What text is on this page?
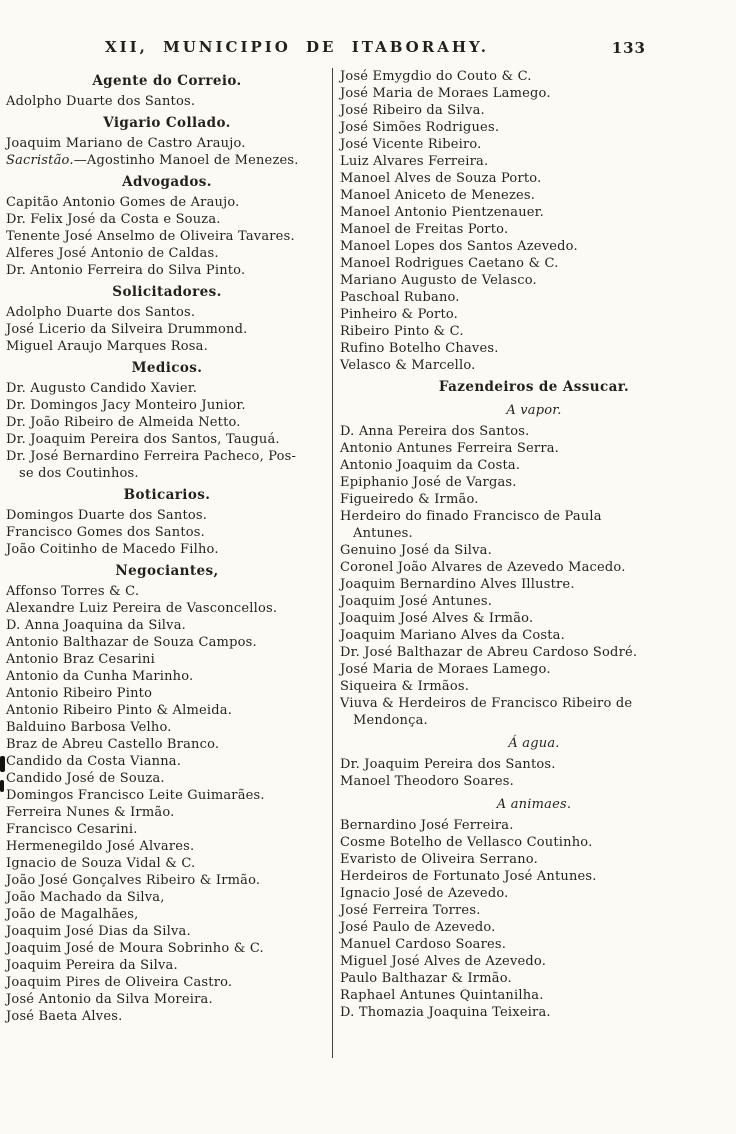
XII, MUNICIPIO DE ITABORAHY.	133
Agente do Correio.
Adolpho Duarte dos Santos.
Vigario Collado.
Joaquim Mariano de Castro Araujo.
Sacristão.—Agostinho Manoel de Menezes.
Advogados.
Capitão Antonio Gomes de Araujo.
Dr. Felix José da Costa e Souza.
Tenente José Anselmo de Oliveira Tavares.
Alferes José Antonio de Caldas.
Dr. Antonio Ferreira do Silva Pinto.
Solicitadores.
Adolpho Duarte dos Santos.
José Licerio da Silveira Drummond.
Miguel Araujo Marques Rosa.
Medicos.
Dr. Augusto Candido Xavier.
Dr. Domingos Jacy Monteiro Junior.
Dr. João Ribeiro de Almeida Netto.
Dr. Joaquim Pereira dos Santos, Tauguá.
Dr. José Bernardino Ferreira Pacheco, Pos-
se dos Coutinhos.
Boticarios.
Domingos Duarte dos Santos.
Francisco Gomes dos Santos.
João Coitinho de Macedo Filho.
Negociantes,
Affonso Torres & C.
Alexandre Luiz Pereira de Vasconcellos.
D. Anna Joaquina da Silva.
Antonio Balthazar de Souza Campos.
Antonio Braz Cesarini
Antonio da Cunha Marinho.
Antonio Ribeiro Pinto
Antonio Ribeiro Pinto & Almeida.
Balduino Barbosa Velho.
Braz de Abreu Castello Branco.
Candido da Costa Vianna.
Candido José de Souza.
Domingos Francisco Leite Guimarães.
Ferreira Nunes & Irmão.
Francisco Cesarini.
Hermenegildo José Alvares.
Ignacio de Souza Vidal & C.
João José Gonçalves Ribeiro & Irmão.
João Machado da Silva,
João de Magalhães,
Joaquim José Dias da Silva.
Joaquim José de Moura Sobrinho & C.
Joaquim Pereira da Silva.
Joaquim Pires de Oliveira Castro.
José Antonio da Silva Moreira.
José Baeta Alves.
José Emygdio do Couto & C.
José Maria de Moraes Lamego.
José Ribeiro da Silva.
José Simões Rodrigues.
José Vicente Ribeiro.
Luiz Alvares Ferreira.
Manoel Alves de Souza Porto.
Manoel Aniceto de Menezes.
Manoel Antonio Pientzenauer.
Manoel de Freitas Porto.
Manoel Lopes dos Santos Azevedo.
Manoel Rodrigues Caetano & C.
Mariano Augusto de Velasco.
Paschoal Rubano.
Pinheiro & Porto.
Ribeiro Pinto & C.
Rufino Botelho Chaves.
Velasco & Marcello.
Fazendeiros de Assucar.
A vapor.
D. Anna Pereira dos Santos.
Antonio Antunes Ferreira Serra.
Antonio Joaquim da Costa.
Epiphanio José de Vargas.
Figueiredo & Irmão.
Herdeiro do finado Francisco de Paula
Antunes.
Genuino José da Silva.
Coronel João Alvares de Azevedo Macedo.
Joaquim Bernardino Alves Illustre.
Joaquim José Antunes.
Joaquim José Alves & Irmão.
Joaquim Mariano Alves da Costa.
Dr. José Balthazar de Abreu Cardoso Sodré.
José Maria de Moraes Lamego.
Siqueira & Irmãos.
Viuva & Herdeiros de Francisco Ribeiro de
Mendonça.
Á agua.
Dr. Joaquim Pereira dos Santos.
Manoel Theodoro Soares.
A animaes.
Bernardino José Ferreira.
Cosme Botelho de Vellasco Coutinho.
Evaristo de Oliveira Serrano.
Herdeiros de Fortunato José Antunes.
Ignacio José de Azevedo.
José Ferreira Torres.
José Paulo de Azevedo.
Manuel Cardoso Soares.
Miguel José Alves de Azevedo.
Paulo Balthazar & Irmão.
Raphael Antunes Quintanilha.
D. Thomazia Joaquina Teixeira.
